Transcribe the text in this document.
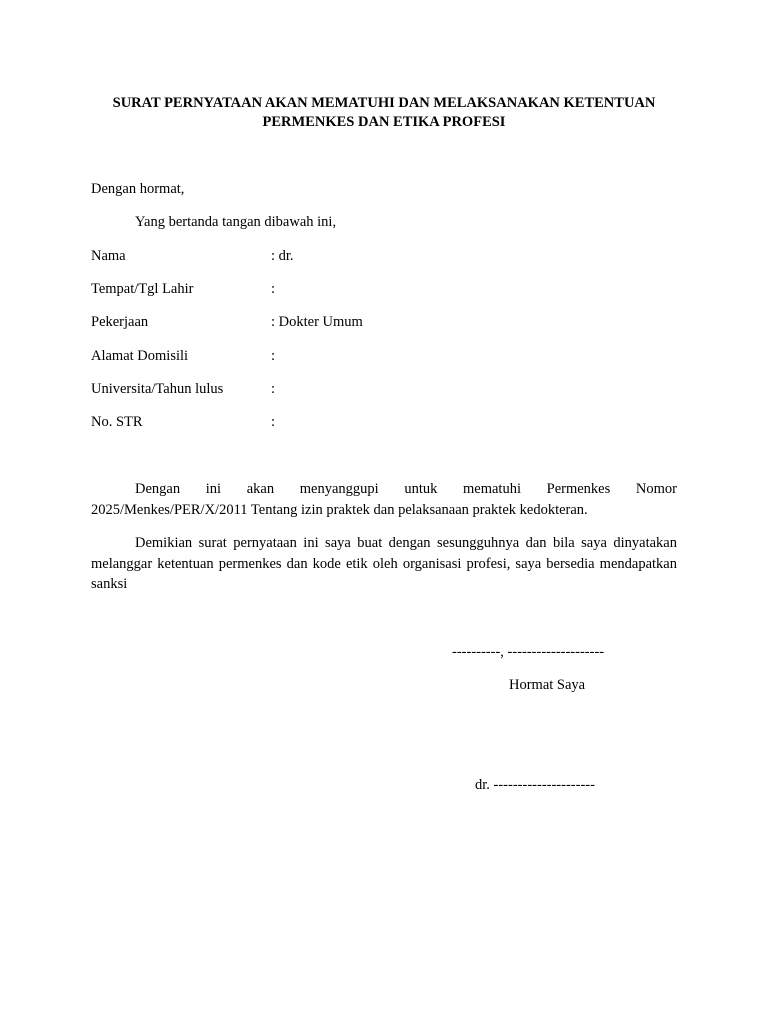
SURAT PERNYATAAN AKAN MEMATUHI DAN MELAKSANAKAN KETENTUAN
PERMENKES DAN ETIKA PROFESI
Dengan hormat,
Yang bertanda tangan dibawah ini,
Nama	: dr.
Tempat/Tgl Lahir	:
Pekerjaan	: Dokter Umum
Alamat Domisili	:
Universita/Tahun lulus	:
No. STR	:
Dengan ini akan menyanggupi untuk mematuhi Permenkes Nomor 2025/Menkes/PER/X/2011 Tentang izin praktek dan pelaksanaan praktek kedokteran.
Demikian surat pernyataan ini saya buat dengan sesungguhnya dan bila saya dinyatakan melanggar ketentuan permenkes dan kode etik oleh organisasi profesi, saya bersedia mendapatkan sanksi
----------, --------------------
Hormat Saya
dr. ---------------------
